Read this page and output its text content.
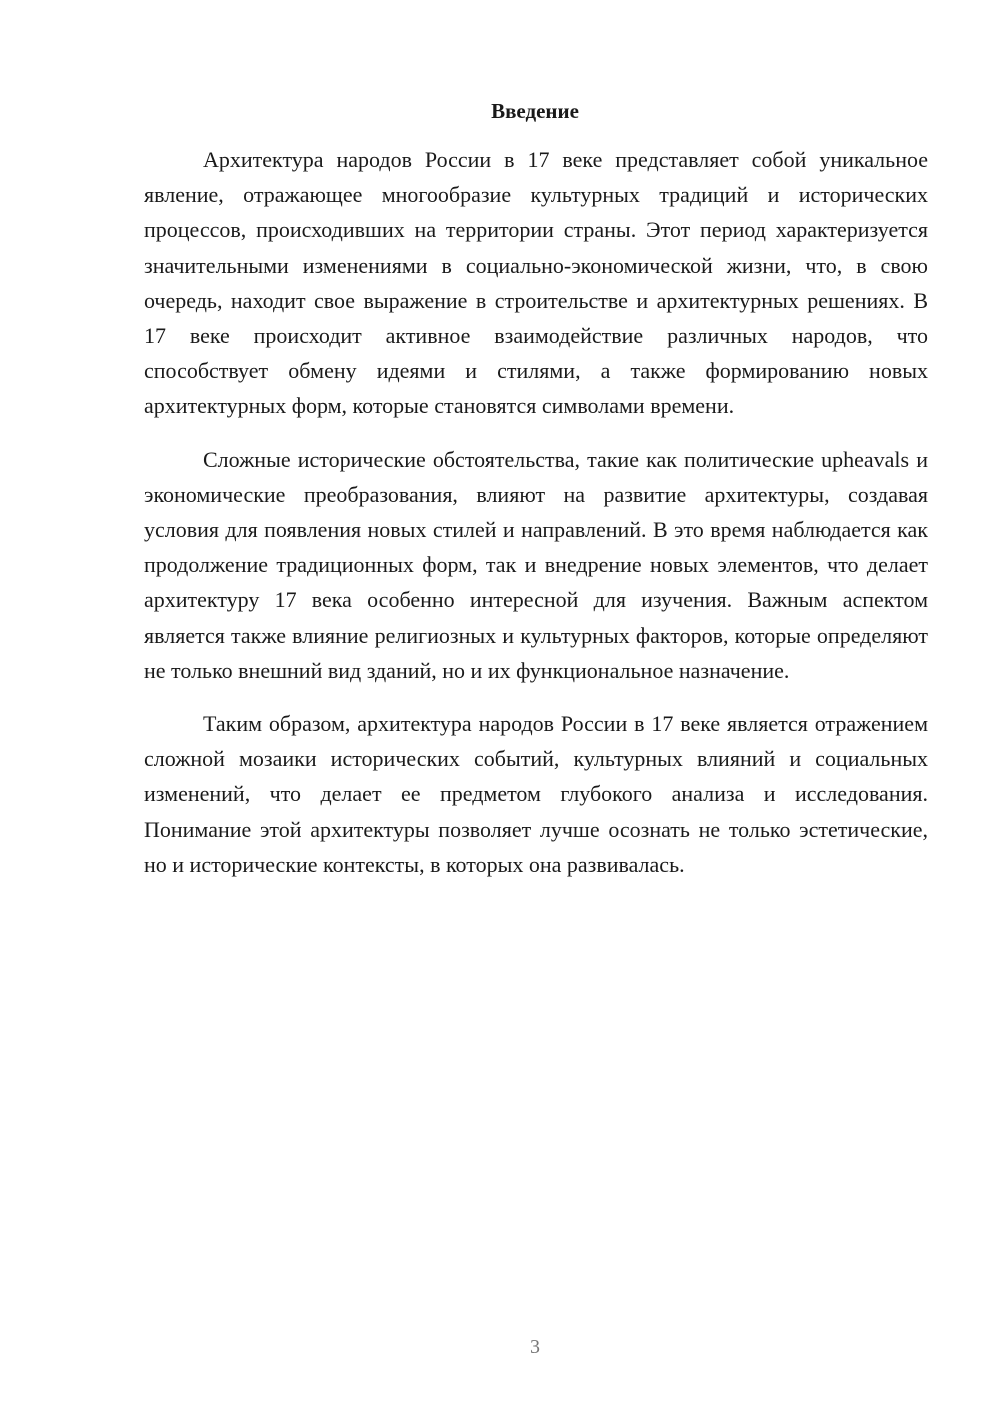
Введение

Архитектура народов России в 17 веке представляет собой уникальное явление, отражающее многообразие культурных традиций и исторических процессов, происходивших на территории страны. Этот период характеризуется значительными изменениями в социально-экономической жизни, что, в свою очередь, находит свое выражение в строительстве и архитектурных решениях. В 17 веке происходит активное взаимодействие различных народов, что способствует обмену идеями и стилями, а также формированию новых архитектурных форм, которые становятся символами времени.

Сложные исторические обстоятельства, такие как политические upheavals и экономические преобразования, влияют на развитие архитектуры, создавая условия для появления новых стилей и направлений. В это время наблюдается как продолжение традиционных форм, так и внедрение новых элементов, что делает архитектуру 17 века особенно интересной для изучения. Важным аспектом является также влияние религиозных и культурных факторов, которые определяют не только внешний вид зданий, но и их функциональное назначение.

Таким образом, архитектура народов России в 17 веке является отражением сложной мозаики исторических событий, культурных влияний и социальных изменений, что делает ее предметом глубокого анализа и исследования. Понимание этой архитектуры позволяет лучше осознать не только эстетические, но и исторические контексты, в которых она развивалась.

3
